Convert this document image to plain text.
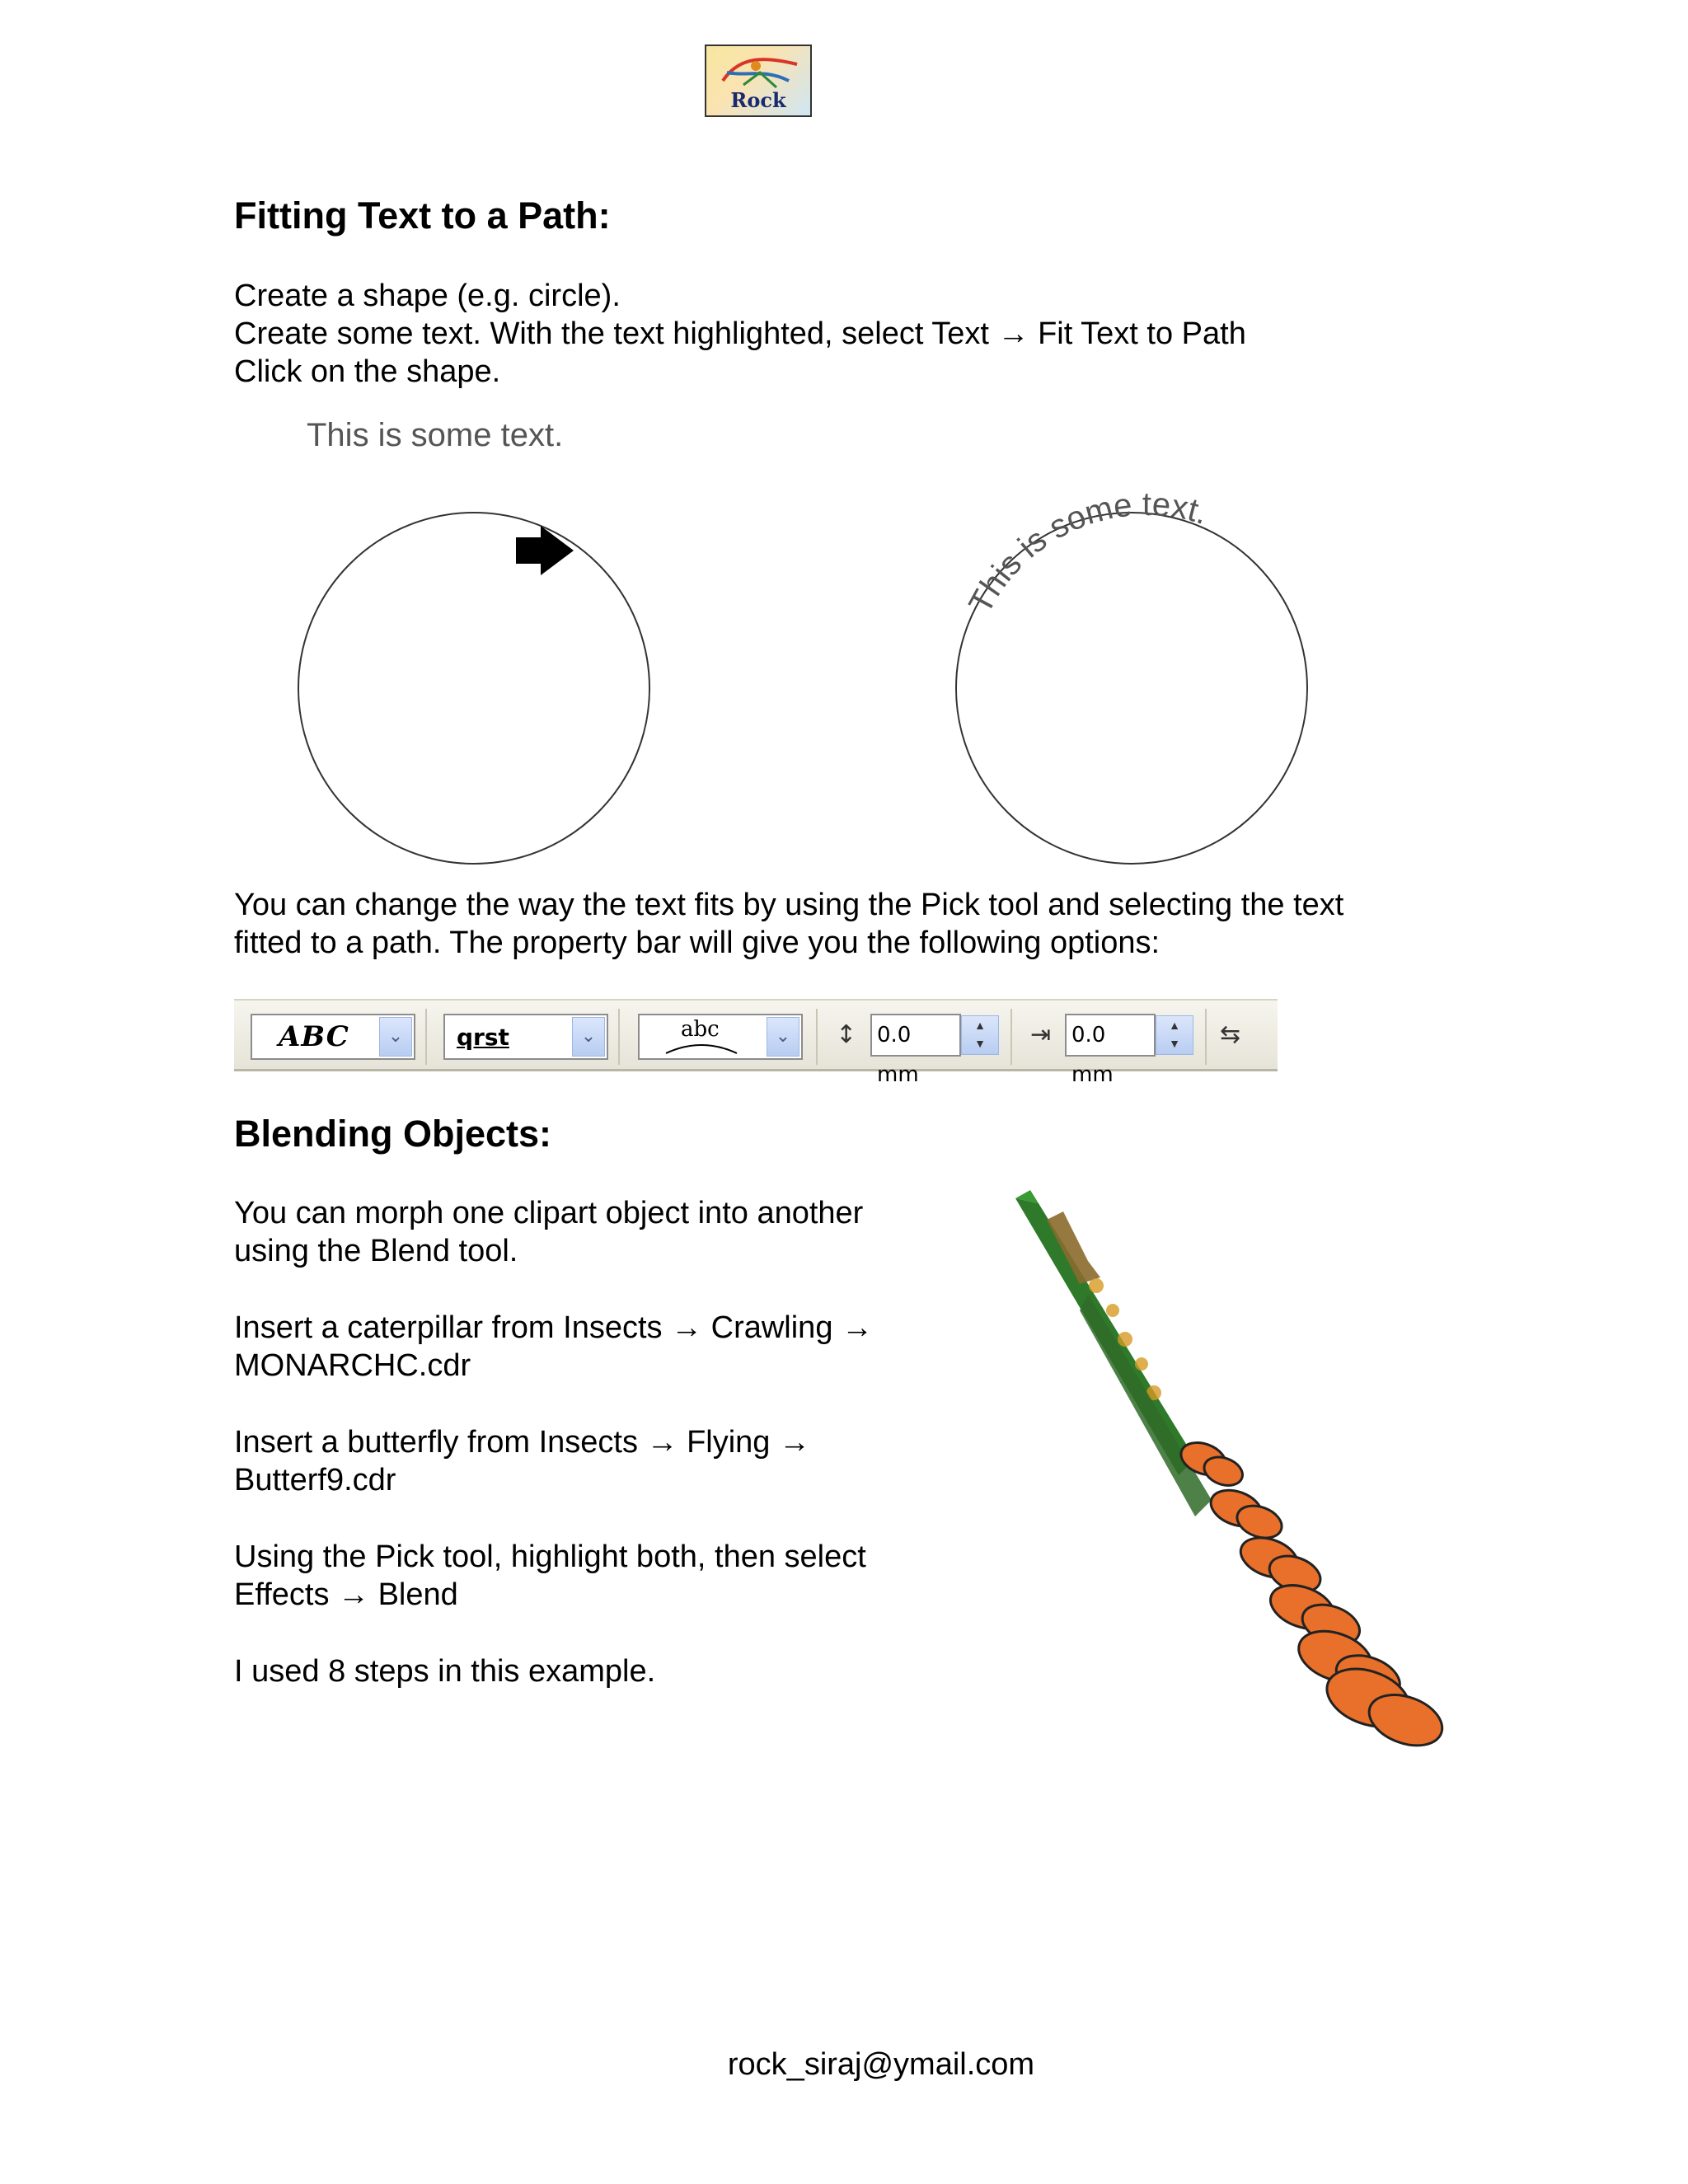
Rock
Fitting Text to a Path:
Create a shape (e.g. circle).
Create some text. With the text highlighted, select Text → Fit Text to Path
Click on the shape.
This is some text.
This is some text.
You can change the way the text fits by using the Pick tool and selecting the text
fitted to a path. The property bar will give you the following options:
ABC	⌄	qrst	⌄	abc	⌄	↕ 0.0 mm
▲
▼	⇥ 0.0 mm
▲
▼	⇆
Blending Objects:
You can morph one clipart object into another
using the Blend tool.
Insert a caterpillar from Insects → Crawling →
MONARCHC.cdr
Insert a butterfly from Insects → Flying →
Butterf9.cdr
Using the Pick tool, highlight both, then select
Effects → Blend
I used 8 steps in this example.
rock_siraj@ymail.com
